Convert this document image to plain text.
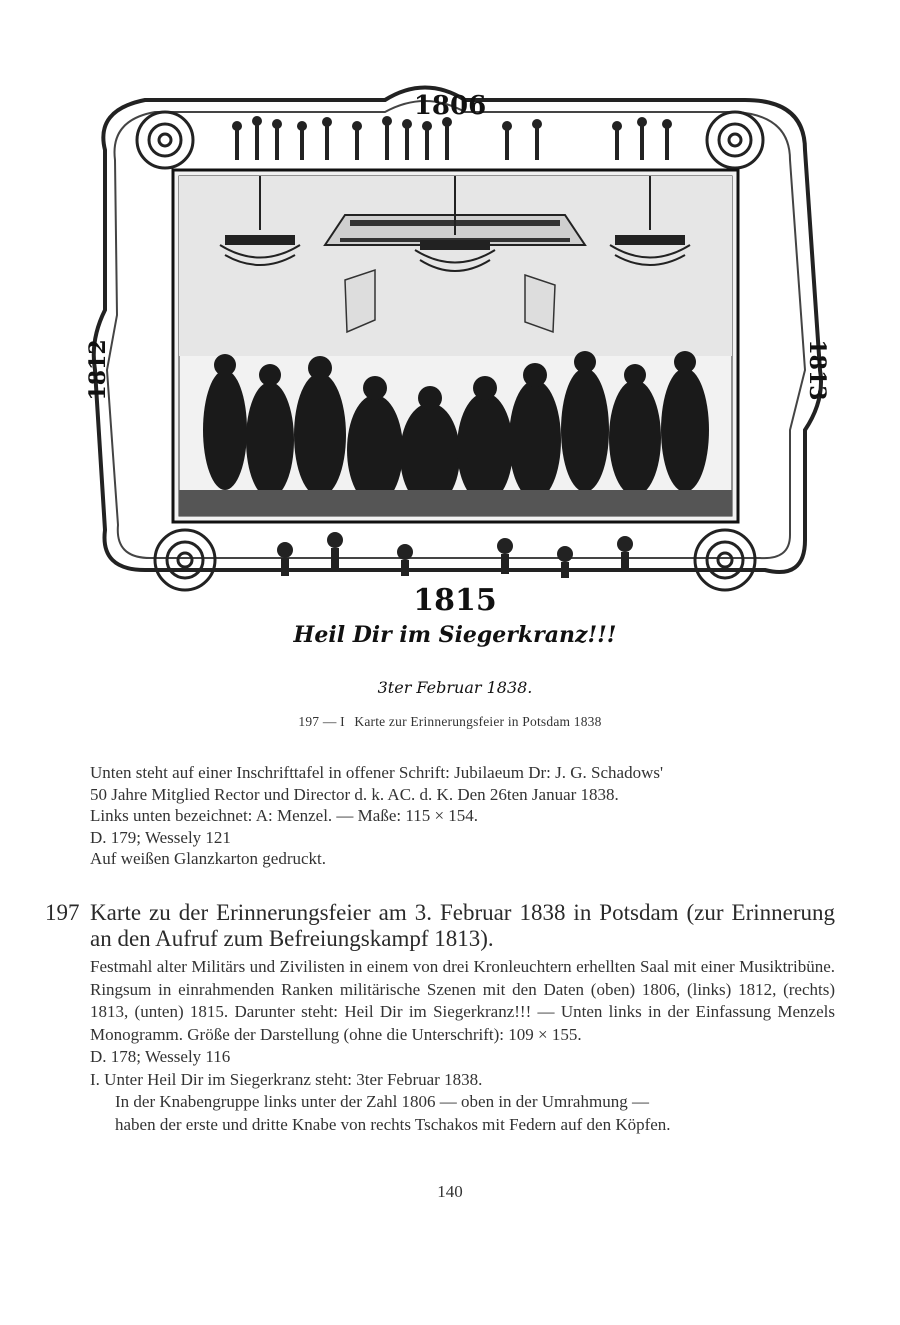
1806
1812	1813
1815
Heil Dir im Siegerkranz!!!
3ter Februar 1838.
197 — I Karte zur Erinnerungsfeier in Potsdam 1838
Unten steht auf einer Inschrifttafel in offener Schrift: Jubilaeum Dr: J. G. Schadows'
50 Jahre Mitglied Rector und Director d. k. AC. d. K. Den 26ten Januar 1838.
Links unten bezeichnet: A: Menzel. — Maße: 115 × 154.
D. 179; Wessely 121
Auf weißen Glanzkarton gedruckt.
197 Karte zu der Erinnerungsfeier am 3. Februar 1838 in Potsdam (zur Erinnerung an den Aufruf zum Befreiungskampf 1813).
Festmahl alter Militärs und Zivilisten in einem von drei Kronleuchtern erhellten Saal mit einer Musiktribüne. Ringsum in einrahmenden Ranken militärische Szenen mit den Daten (oben) 1806, (links) 1812, (rechts) 1813, (unten) 1815. Darunter steht: Heil Dir im Siegerkranz!!! — Unten links in der Einfassung Menzels Monogramm. Größe der Darstellung (ohne die Unterschrift): 109 × 155.
D. 178; Wessely 116
I. Unter Heil Dir im Siegerkranz steht: 3ter Februar 1838.
In der Knabengruppe links unter der Zahl 1806 — oben in der Umrahmung —
haben der erste und dritte Knabe von rechts Tschakos mit Federn auf den Köpfen.
140
